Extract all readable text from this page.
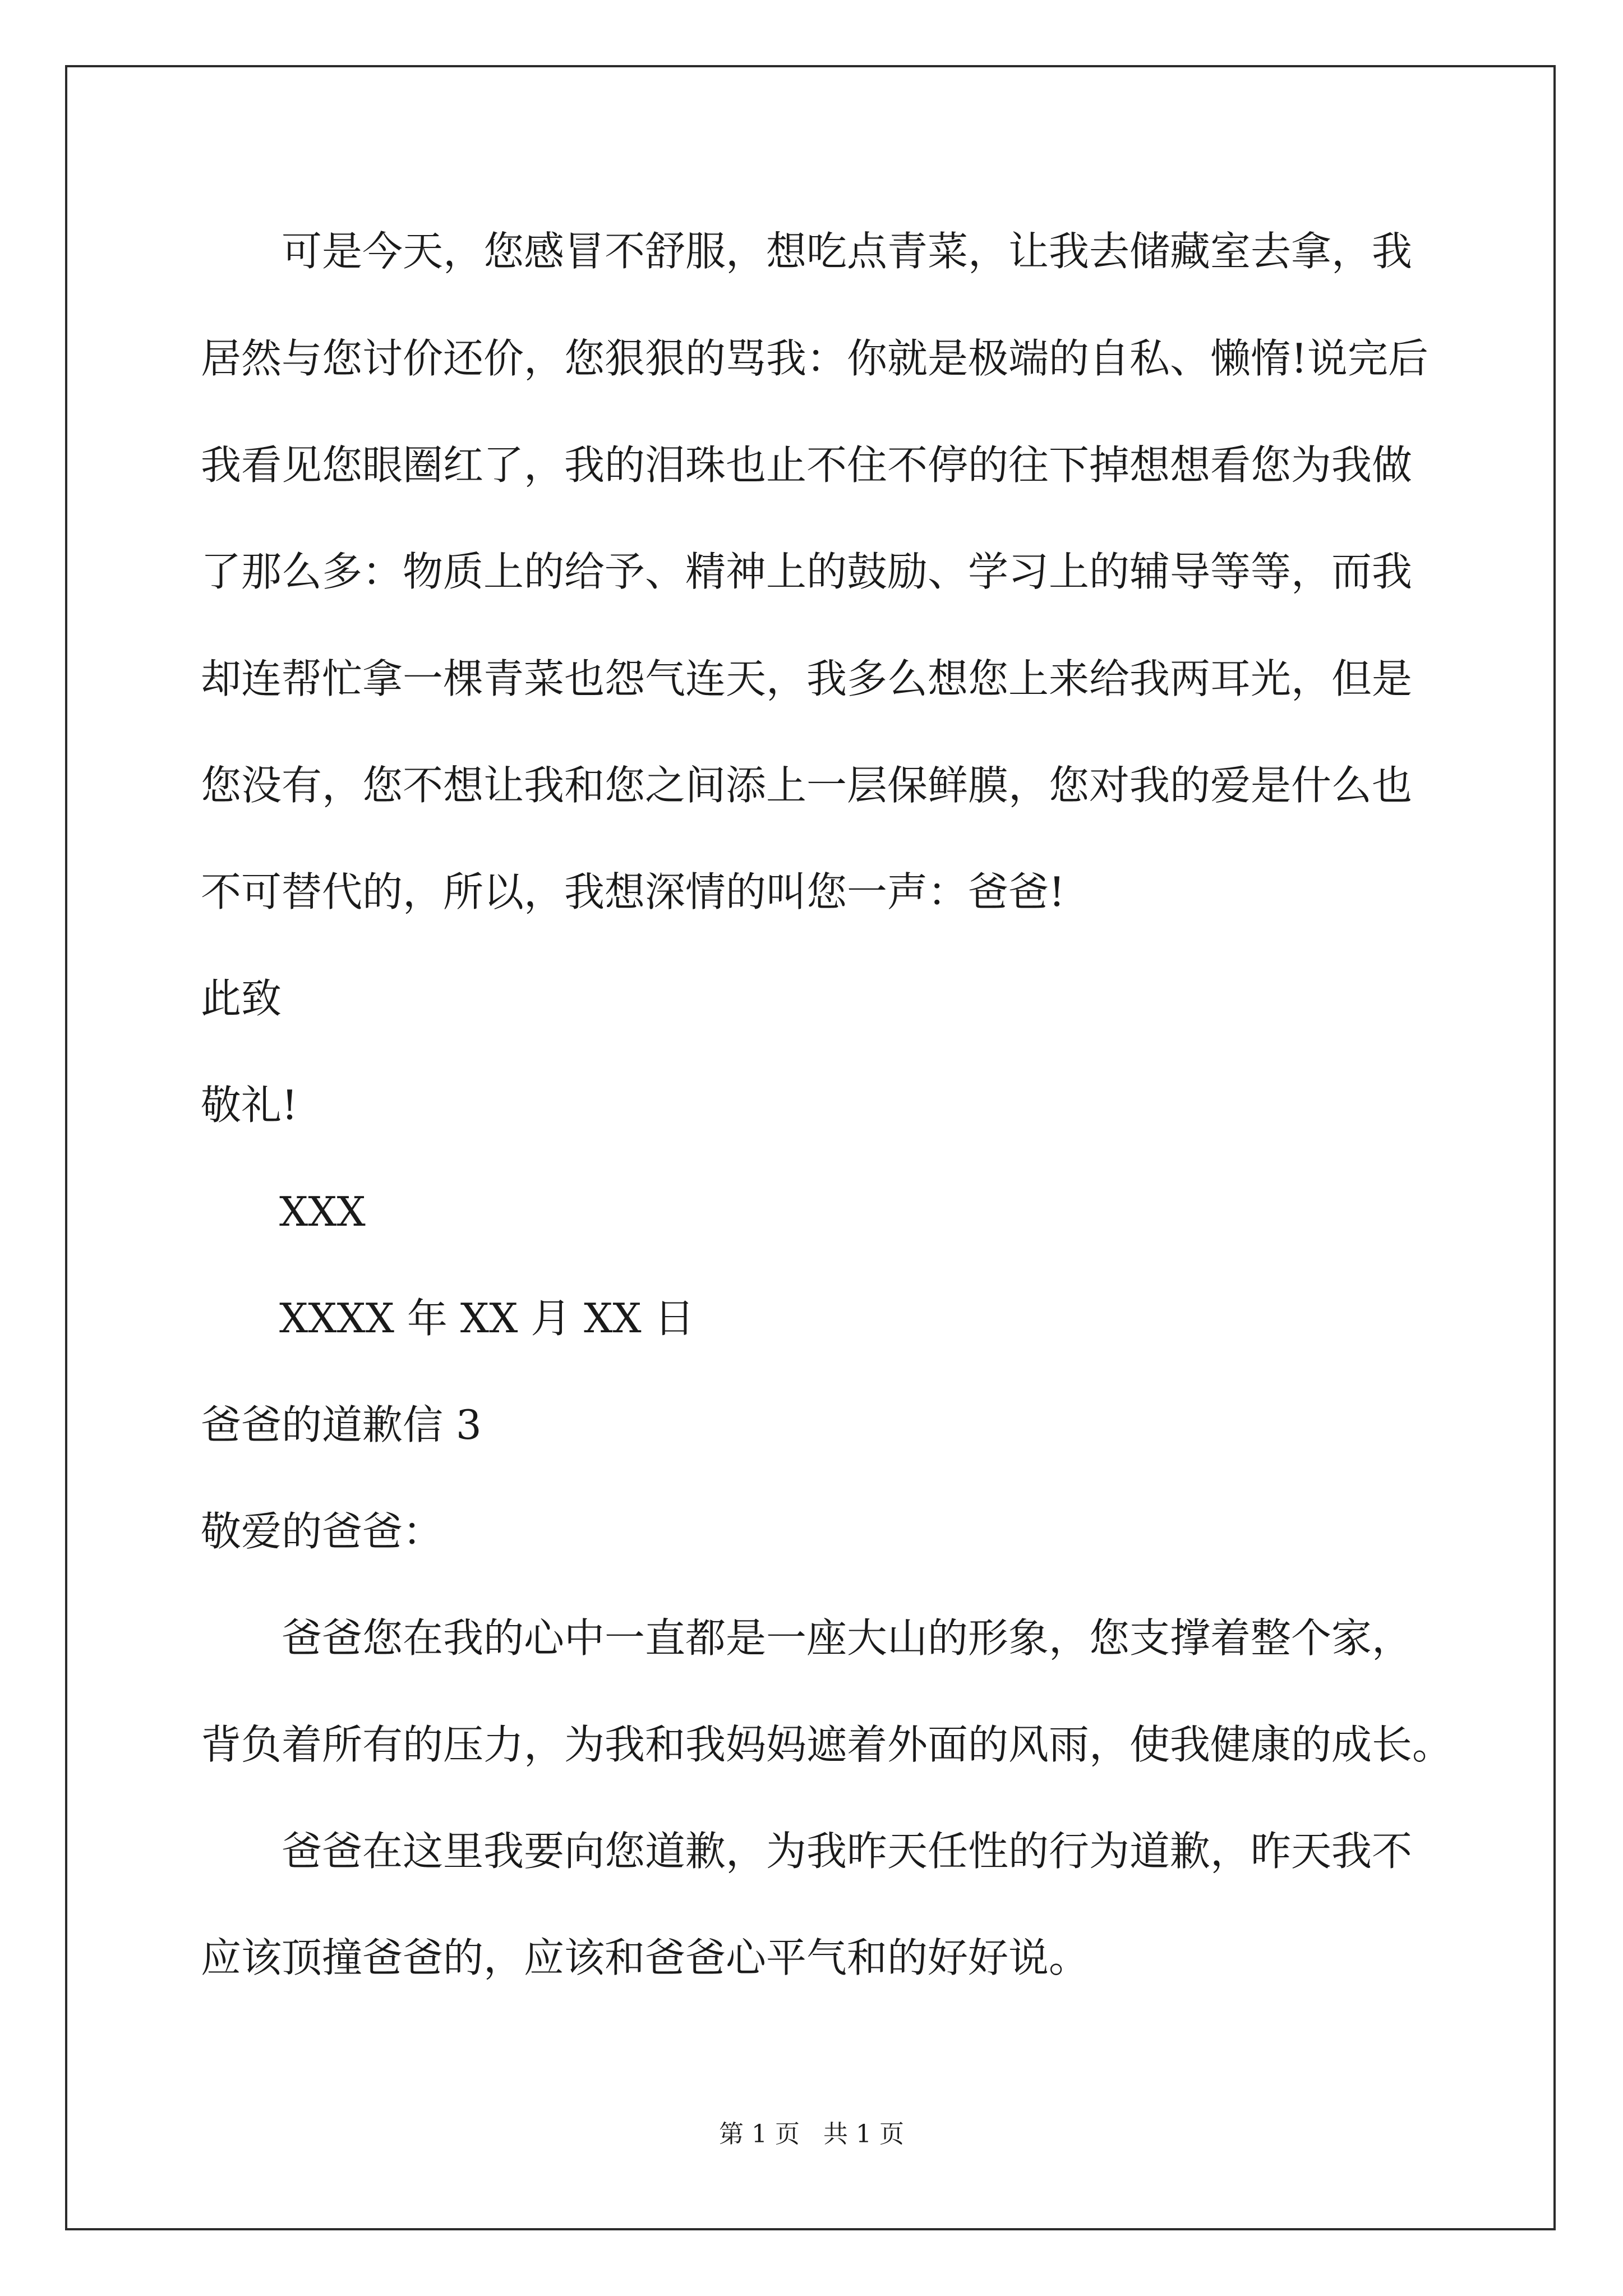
可是今天，您感冒不舒服，想吃点青菜，让我去储藏室去拿，我
居然与您讨价还价，您狠狠的骂我：你就是极端的自私、懒惰!说完后
我看见您眼圈红了，我的泪珠也止不住不停的往下掉想想看您为我做
了那么多：物质上的给予、精神上的鼓励、学习上的辅导等等，而我
却连帮忙拿一棵青菜也怨气连天，我多么想您上来给我两耳光，但是
您没有，您不想让我和您之间添上一层保鲜膜，您对我的爱是什么也
不可替代的，所以，我想深情的叫您一声：爸爸!
此致
敬礼!
XXX
XXXX 年 XX 月 XX 日
爸爸的道歉信 3
敬爱的爸爸：
爸爸您在我的心中一直都是一座大山的形象，您支撑着整个家，
背负着所有的压力，为我和我妈妈遮着外面的风雨，使我健康的成长。
爸爸在这里我要向您道歉，为我昨天任性的行为道歉，昨天我不
应该顶撞爸爸的，应该和爸爸心平气和的好好说。
第 1 页   共 1 页
